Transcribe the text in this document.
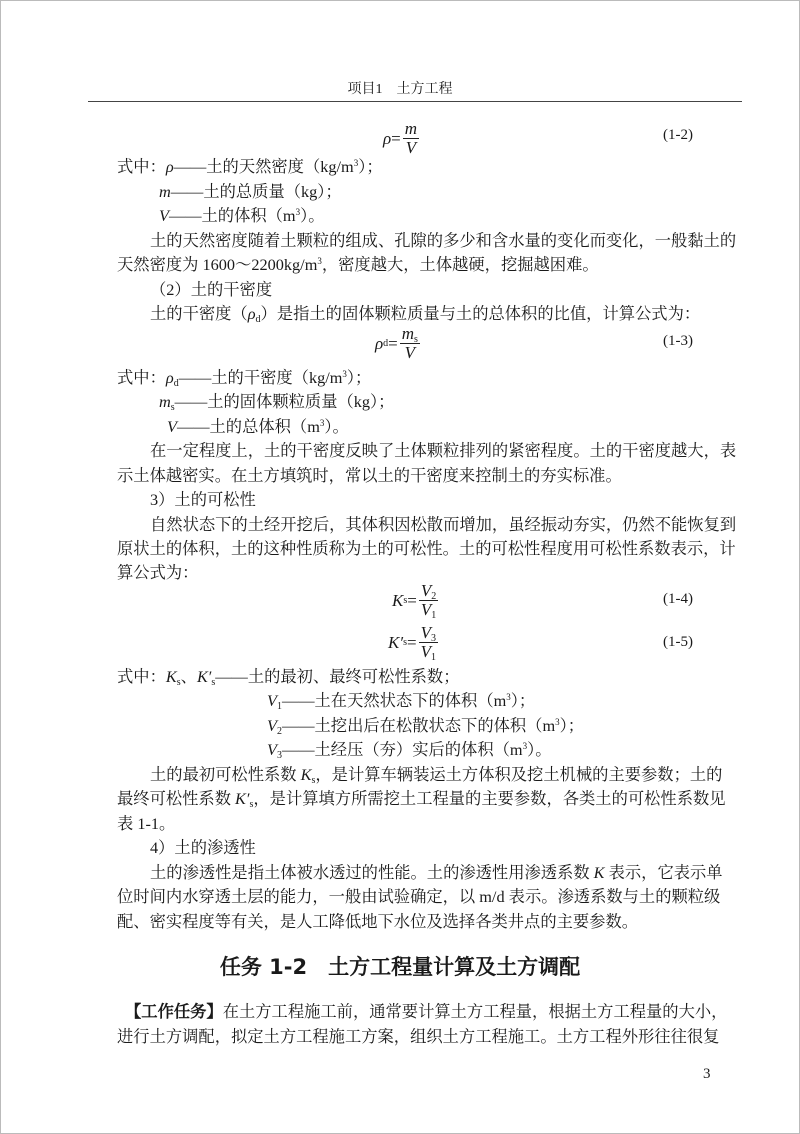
项目1　土方工程
$\rho = \frac{m}{V}$	(1-2)
式中：ρ——土的天然密度$(kg/m^3)$；
m——土的总质量（kg）；
V——土的体积$(m^3)$。
土的天然密度随着土颗粒的组成、孔隙的多少和含水量的变化而变化，一般黏土的
天然密度为 $1600\sim 2200kg/m^3$，密度越大，土体越硬，挖掘越困难。
（2）土的干密度
土的干密度$(\rho_d)$是指土的固体颗粒质量与土的总体积的比值，计算公式为：
ρ $d = \frac{m_s}{V}$	(1-3)
式中：$\rho_d——$土的干密度$(kg/m^3)$；
$m_s——$土的固体颗粒质量（kg）；
V——土的总体积$(m^3)$。
在一定程度上，土的干密度反映了土体颗粒排列的紧密程度。土的干密度越大，表
示土体越密实。在土方填筑时，常以土的干密度来控制土的夯实标准。
3）土的可松性
自然状态下的土经开挖后，其体积因松散而增加，虽经振动夯实，仍然不能恢复到
原状土的体积，土的这种性质称为土的可松性。土的可松性程度用可松性系数表示，计
算公式为：
K $s = \frac{V_2}{V_1}$	(1-4)
K′ $s = \frac{V_3}{V_1}$	(1-5)
式中：$K_s$、$K'_s——$土的最初、最终可松性系数；
$V_1——$土在天然状态下的体积$(m^3)$；
$V_2——$土挖出后在松散状态下的体积$(m^3)$；
$V_3——$土经压（夯）实后的体积$(m^3)$。
土的最初可松性系数 $K_s$，是计算车辆装运土方体积及挖土机械的主要参数；土的
最终可松性系数 $K'_s$，是计算填方所需挖土工程量的主要参数，各类土的可松性系数见
表 1-1。
4）土的渗透性
土的渗透性是指土体被水透过的性能。土的渗透性用渗透系数 K 表示，它表示单
位时间内水穿透土层的能力，一般由试验确定，以 m/d 表示。渗透系数与土的颗粒级
配、密实程度等有关，是人工降低地下水位及选择各类井点的主要参数。
任务 1-2　土方工程量计算及土方调配
【工作任务】在土方工程施工前，通常要计算土方工程量，根据土方工程量的大小，
进行土方调配，拟定土方工程施工方案，组织土方工程施工。土方工程外形往往很复
3
